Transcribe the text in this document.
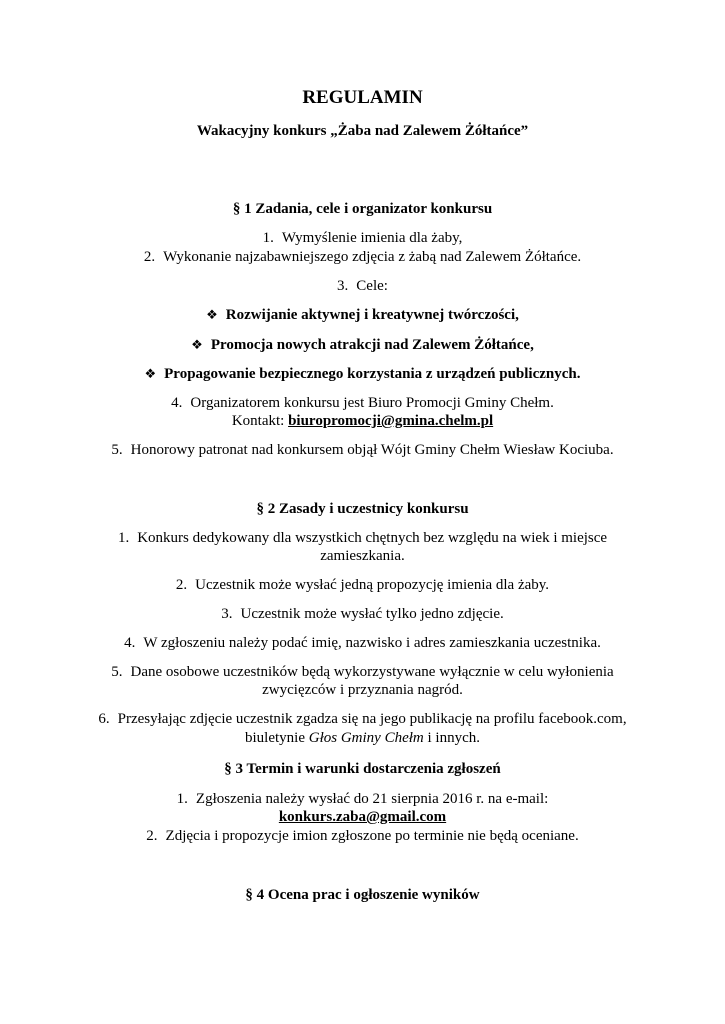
REGULAMIN
Wakacyjny konkurs „Żaba nad Zalewem Żółtańce”
§ 1 Zadania, cele i organizator konkursu
1. Wymyślenie imienia dla żaby,
2. Wykonanie najzabawniejszego zdjęcia z żabą nad Zalewem Żółtańce.
3. Cele:
❖ Rozwijanie aktywnej i kreatywnej twórczości,
❖ Promocja nowych atrakcji nad Zalewem Żółtańce,
❖ Propagowanie bezpiecznego korzystania z urządzeń publicznych.
4. Organizatorem konkursu jest Biuro Promocji Gminy Chełm.
Kontakt: biuropromocji@gmina.chelm.pl
5. Honorowy patronat nad konkursem objął Wójt Gminy Chełm Wiesław Kociuba.
§ 2 Zasady i uczestnicy konkursu
1. Konkurs dedykowany dla wszystkich chętnych bez względu na wiek i miejsce
zamieszkania.
2. Uczestnik może wysłać jedną propozycję imienia dla żaby.
3. Uczestnik może wysłać tylko jedno zdjęcie.
4. W zgłoszeniu należy podać imię, nazwisko i adres zamieszkania uczestnika.
5. Dane osobowe uczestników będą wykorzystywane wyłącznie w celu wyłonienia
zwycięzców i przyznania nagród.
6. Przesyłając zdjęcie uczestnik zgadza się na jego publikację na profilu facebook.com,
biuletynie Głos Gminy Chełm i innych.
§ 3 Termin i warunki dostarczenia zgłoszeń
1. Zgłoszenia należy wysłać do 21 sierpnia 2016 r. na e-mail:
konkurs.zaba@gmail.com
2. Zdjęcia i propozycje imion zgłoszone po terminie nie będą oceniane.
§ 4 Ocena prac i ogłoszenie wyników
